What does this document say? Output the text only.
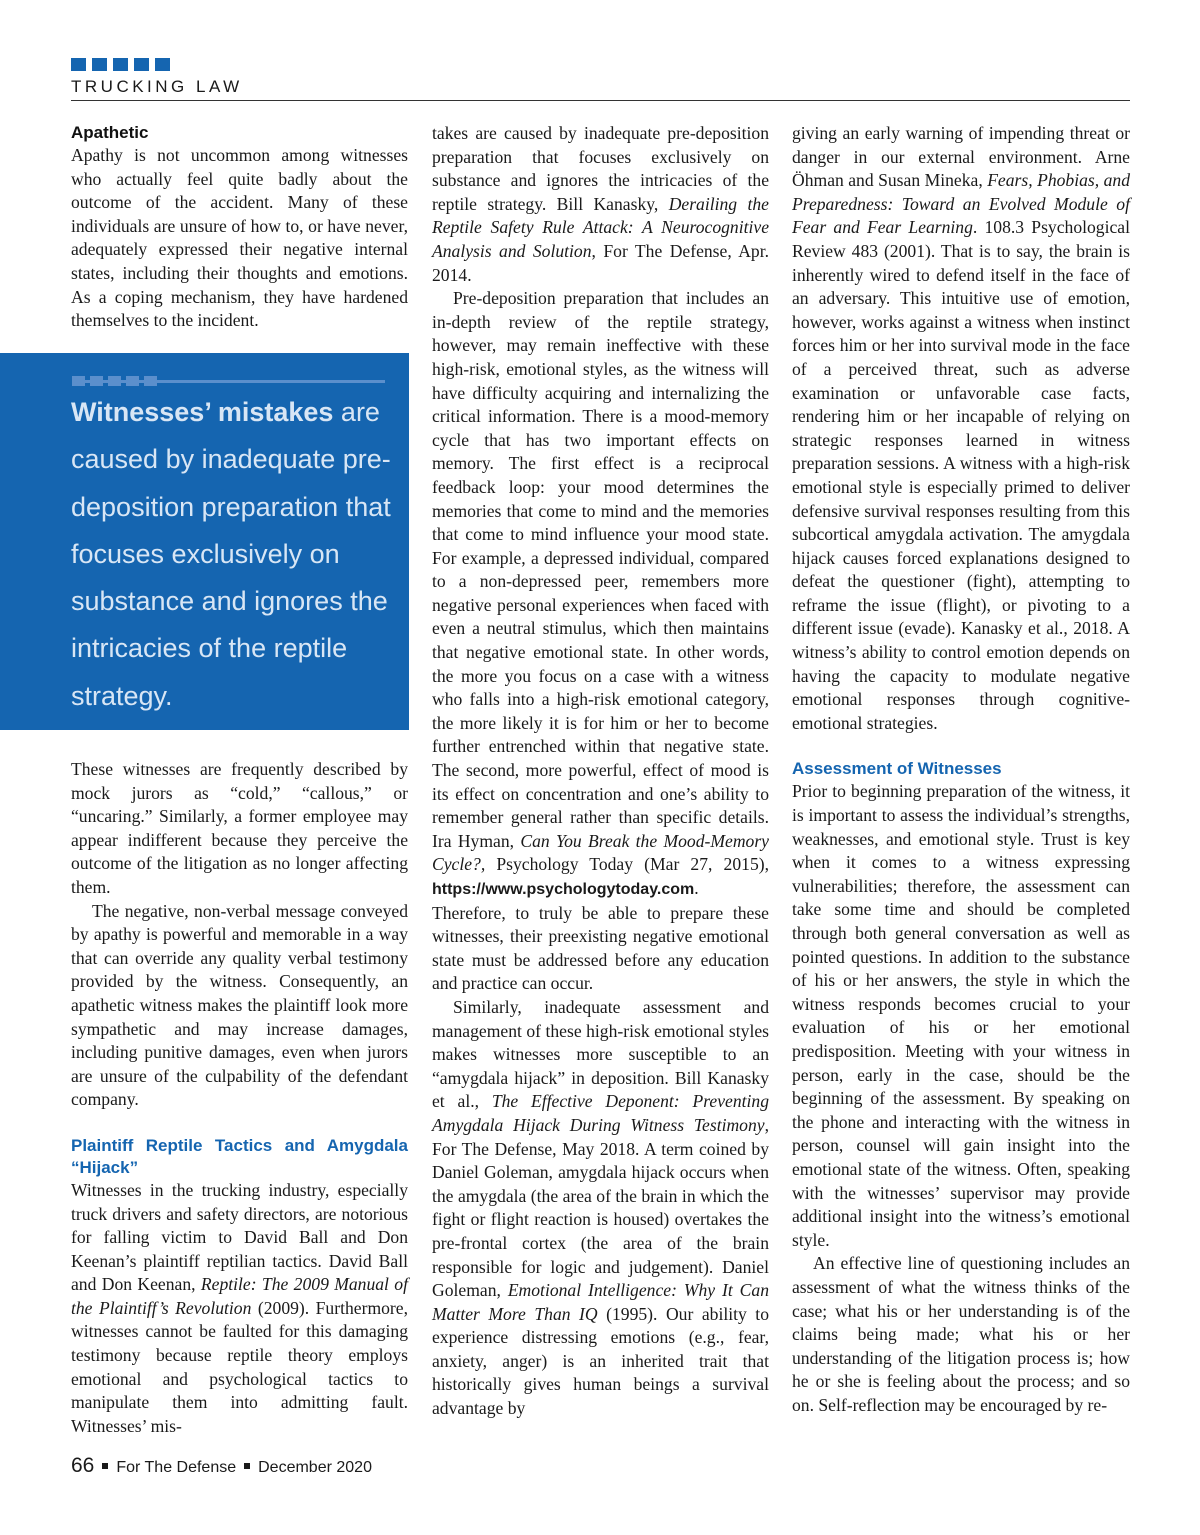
TRUCKING LAW
Apathetic

Apathy is not uncommon among witnesses who actually feel quite badly about the outcome of the accident. Many of these individuals are unsure of how to, or have never, adequately expressed their negative internal states, including their thoughts and emotions. As a coping mechanism, they have hardened themselves to the incident.

Witnesses’ mistakes are caused by inadequate pre-deposition preparation that focuses exclusively on substance and ignores the intricacies of the reptile strategy.

These witnesses are frequently described by mock jurors as “cold,” “callous,” or “uncaring.” Similarly, a former employee may appear indifferent because they perceive the outcome of the litigation as no longer affecting them.

The negative, non-verbal message conveyed by apathy is powerful and memorable in a way that can override any quality verbal testimony provided by the witness. Consequently, an apathetic witness makes the plaintiff look more sympathetic and may increase damages, including punitive damages, even when jurors are unsure of the culpability of the defendant company.

Plaintiff Reptile Tactics and Amygdala “Hijack”

Witnesses in the trucking industry, especially truck drivers and safety directors, are notorious for falling victim to David Ball and Don Keenan’s plaintiff reptilian tactics. David Ball and Don Keenan, Reptile: The 2009 Manual of the Plaintiff’s Revolution (2009). Furthermore, witnesses cannot be faulted for this damaging testimony because reptile theory employs emotional and psychological tactics to manipulate them into admitting fault. Witnesses’ mis-

takes are caused by inadequate pre-deposition preparation that focuses exclusively on substance and ignores the intricacies of the reptile strategy. Bill Kanasky, Derailing the Reptile Safety Rule Attack: A Neurocognitive Analysis and Solution, For The Defense, Apr. 2014.

Pre-deposition preparation that includes an in-depth review of the reptile strategy, however, may remain ineffective with these high-risk, emotional styles, as the witness will have difficulty acquiring and internalizing the critical information. There is a mood-memory cycle that has two important effects on memory. The first effect is a reciprocal feedback loop: your mood determines the memories that come to mind and the memories that come to mind influence your mood state. For example, a depressed individual, compared to a non-depressed peer, remembers more negative personal experiences when faced with even a neutral stimulus, which then maintains that negative emotional state. In other words, the more you focus on a case with a witness who falls into a high-risk emotional category, the more likely it is for him or her to become further entrenched within that negative state. The second, more powerful, effect of mood is its effect on concentration and one’s ability to remember general rather than specific details. Ira Hyman, Can You Break the Mood-Memory Cycle?, Psychology Today (Mar 27, 2015), https://www.psychologytoday.com. Therefore, to truly be able to prepare these witnesses, their preexisting negative emotional state must be addressed before any education and practice can occur.

Similarly, inadequate assessment and management of these high-risk emotional styles makes witnesses more susceptible to an “amygdala hijack” in deposition. Bill Kanasky et al., The Effective Deponent: Preventing Amygdala Hijack During Witness Testimony, For The Defense, May 2018. A term coined by Daniel Goleman, amygdala hijack occurs when the amygdala (the area of the brain in which the fight or flight reaction is housed) overtakes the pre-frontal cortex (the area of the brain responsible for logic and judgement). Daniel Goleman, Emotional Intelligence: Why It Can Matter More Than IQ (1995). Our ability to experience distressing emotions (e.g., fear, anxiety, anger) is an inherited trait that historically gives human beings a survival advantage by

giving an early warning of impending threat or danger in our external environment. Arne Öhman and Susan Mineka, Fears, Phobias, and Preparedness: Toward an Evolved Module of Fear and Fear Learning. 108.3 Psychological Review 483 (2001). That is to say, the brain is inherently wired to defend itself in the face of an adversary. This intuitive use of emotion, however, works against a witness when instinct forces him or her into survival mode in the face of a perceived threat, such as adverse examination or unfavorable case facts, rendering him or her incapable of relying on strategic responses learned in witness preparation sessions. A witness with a high-risk emotional style is especially primed to deliver defensive survival responses resulting from this subcortical amygdala activation. The amygdala hijack causes forced explanations designed to defeat the questioner (fight), attempting to reframe the issue (flight), or pivoting to a different issue (evade). Kanasky et al., 2018. A witness’s ability to control emotion depends on having the capacity to modulate negative emotional responses through cognitive-emotional strategies.

Assessment of Witnesses

Prior to beginning preparation of the witness, it is important to assess the individual’s strengths, weaknesses, and emotional style. Trust is key when it comes to a witness expressing vulnerabilities; therefore, the assessment can take some time and should be completed through both general conversation as well as pointed questions. In addition to the substance of his or her answers, the style in which the witness responds becomes crucial to your evaluation of his or her emotional predisposition. Meeting with your witness in person, early in the case, should be the beginning of the assessment. By speaking on the phone and interacting with the witness in person, counsel will gain insight into the emotional state of the witness. Often, speaking with the witnesses’ supervisor may provide additional insight into the witness’s emotional style.

An effective line of questioning includes an assessment of what the witness thinks of the case; what his or her understanding is of the claims being made; what his or her understanding of the litigation process is; how he or she is feeling about the process; and so on. Self-reflection may be encouraged by re-

66 For The Defense December 2020
